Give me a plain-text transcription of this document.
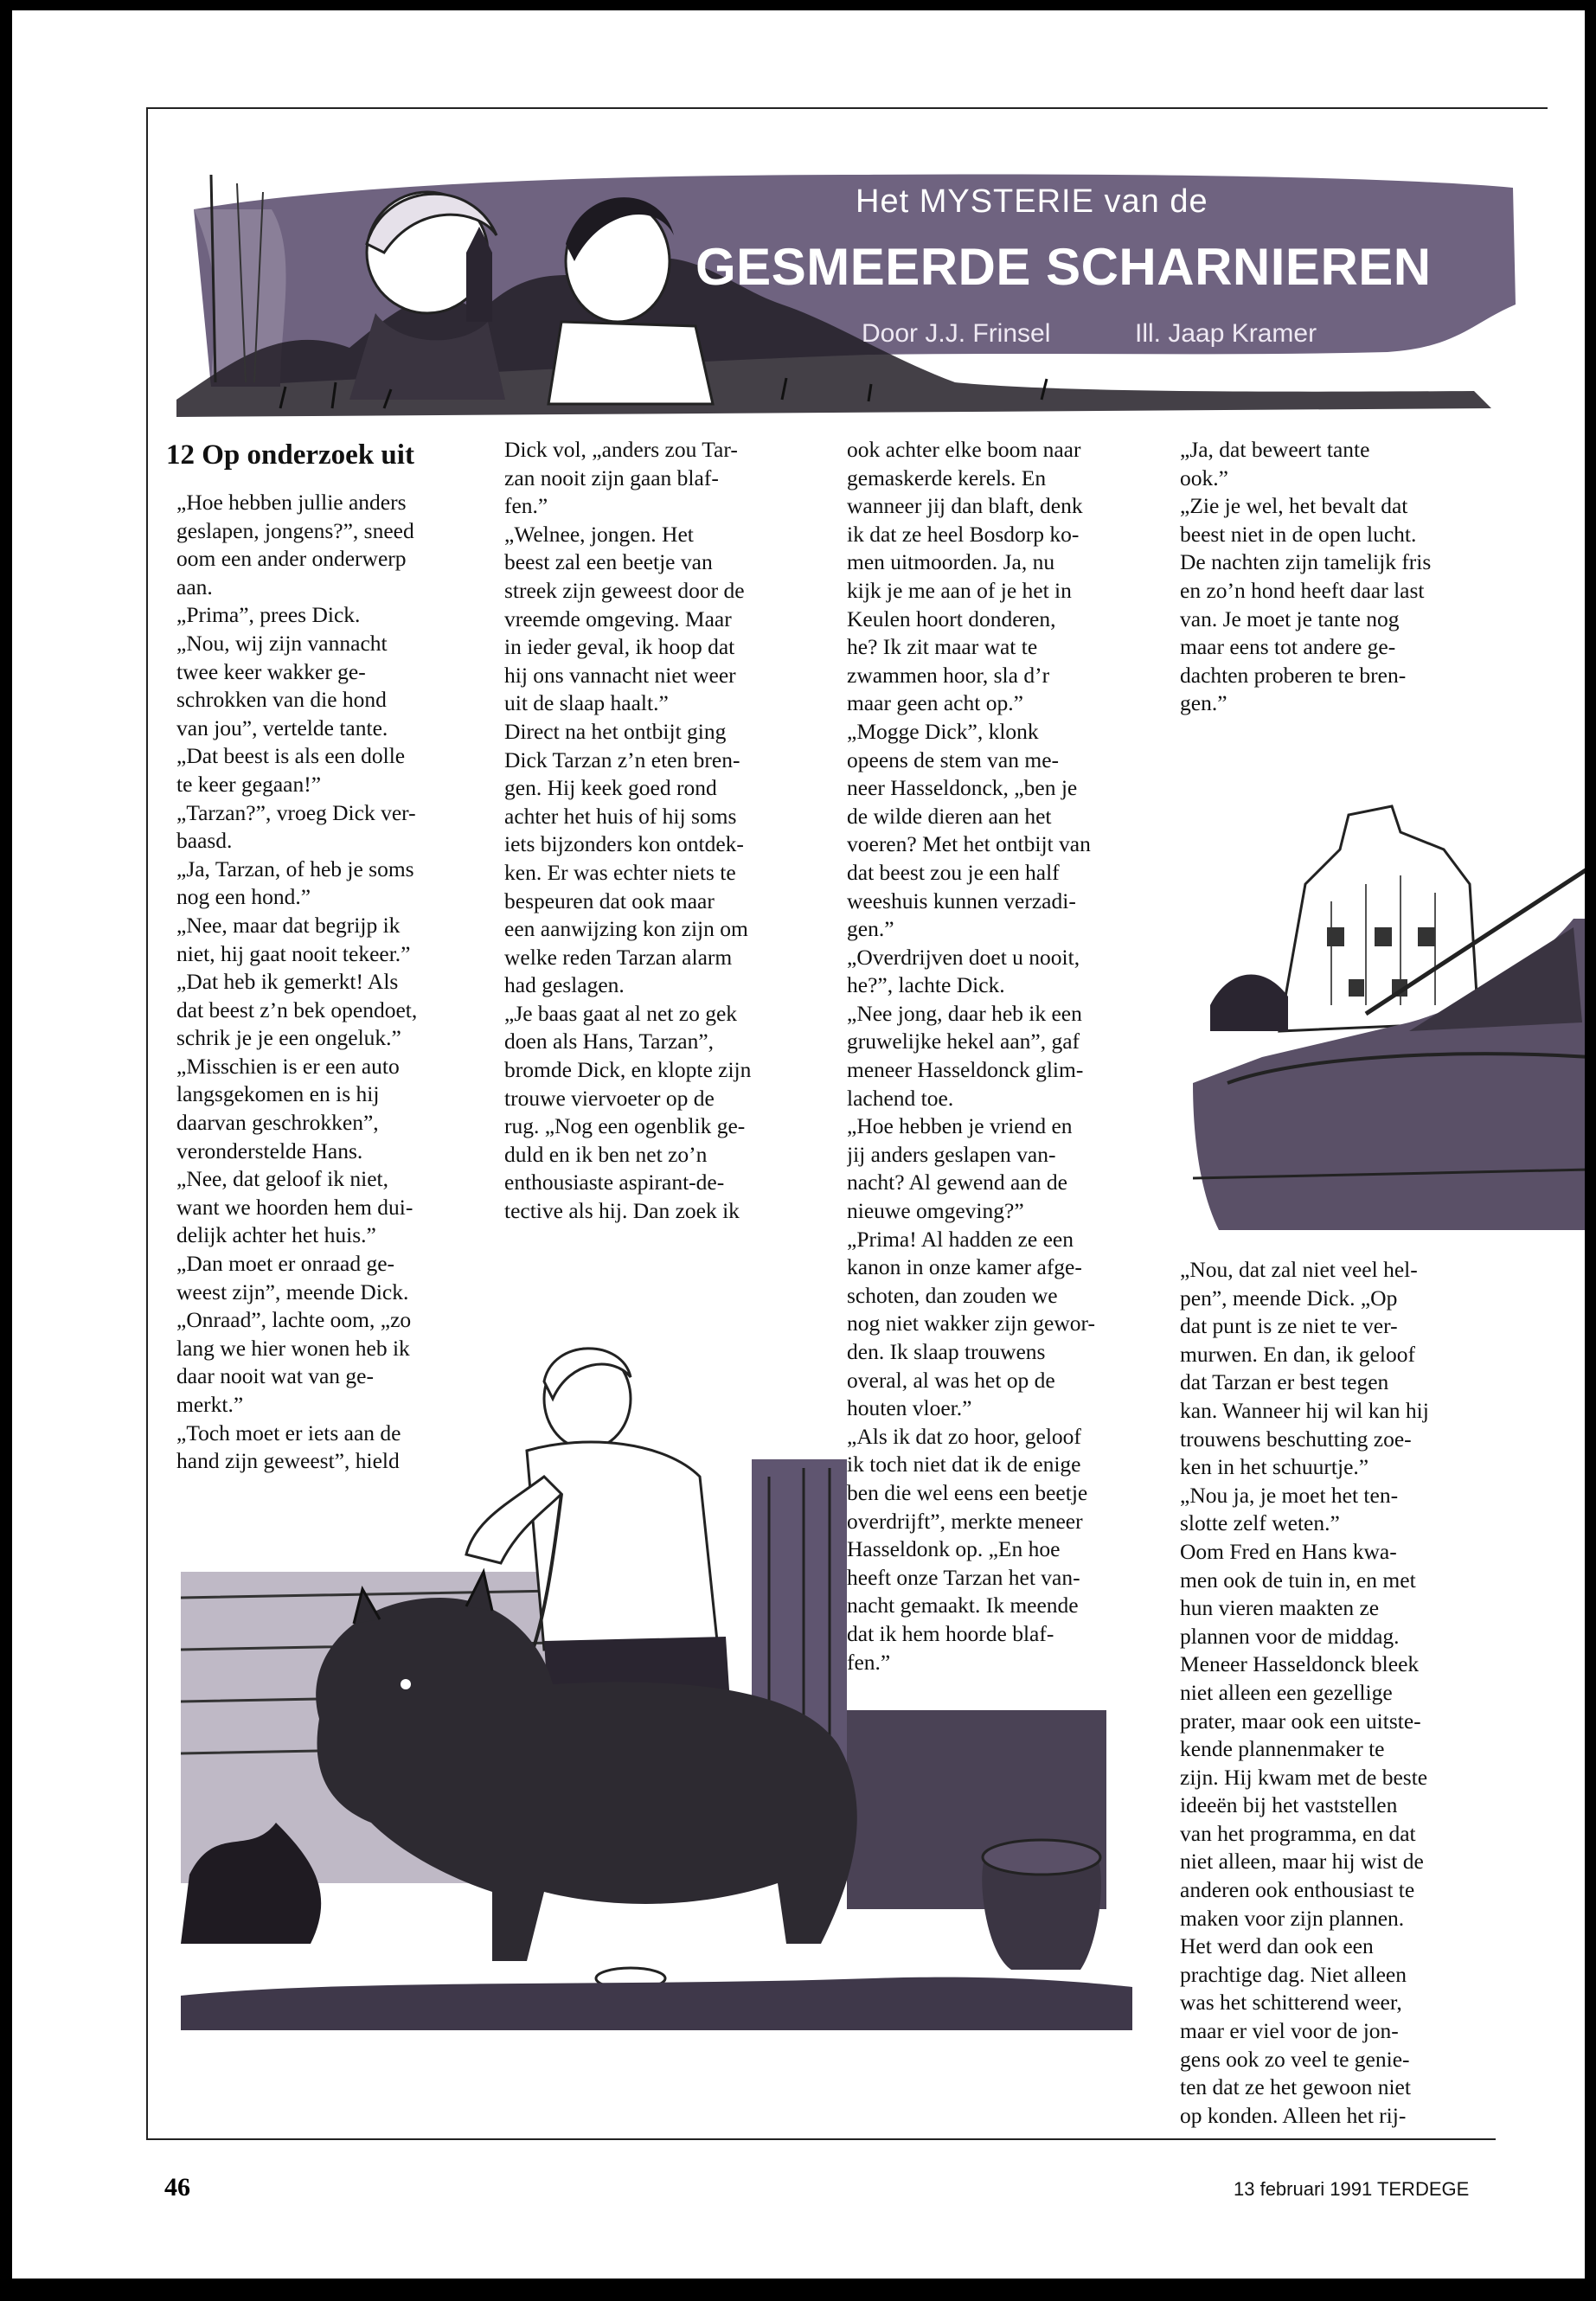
Het MYSTERIE van de
GESMEERDE SCHARNIEREN
Door J.J. Frinsel	Ill. Jaap Kramer
12 Op onderzoek uit
„Hoe hebben jullie anders
geslapen, jongens?”, sneed
oom een ander onderwerp
aan.
„Prima”, prees Dick.
„Nou, wij zijn vannacht
twee keer wakker ge-
schrokken van die hond
van jou”, vertelde tante.
„Dat beest is als een dolle
te keer gegaan!”
„Tarzan?”, vroeg Dick ver-
baasd.
„Ja, Tarzan, of heb je soms
nog een hond.”
„Nee, maar dat begrijp ik
niet, hij gaat nooit tekeer.”
„Dat heb ik gemerkt! Als
dat beest z’n bek opendoet,
schrik je je een ongeluk.”
„Misschien is er een auto
langsgekomen en is hij
daarvan geschrokken”,
veronderstelde Hans.
„Nee, dat geloof ik niet,
want we hoorden hem dui-
delijk achter het huis.”
„Dan moet er onraad ge-
weest zijn”, meende Dick.
„Onraad”, lachte oom, „zo
lang we hier wonen heb ik
daar nooit wat van ge-
merkt.”
„Toch moet er iets aan de
hand zijn geweest”, hield
Dick vol, „anders zou Tar-
zan nooit zijn gaan blaf-
fen.”
„Welnee, jongen. Het
beest zal een beetje van
streek zijn geweest door de
vreemde omgeving. Maar
in ieder geval, ik hoop dat
hij ons vannacht niet weer
uit de slaap haalt.”
Direct na het ontbijt ging
Dick Tarzan z’n eten bren-
gen. Hij keek goed rond
achter het huis of hij soms
iets bijzonders kon ontdek-
ken. Er was echter niets te
bespeuren dat ook maar
een aanwijzing kon zijn om
welke reden Tarzan alarm
had geslagen.
„Je baas gaat al net zo gek
doen als Hans, Tarzan”,
bromde Dick, en klopte zijn
trouwe viervoeter op de
rug. „Nog een ogenblik ge-
duld en ik ben net zo’n
enthousiaste aspirant-de-
tective als hij. Dan zoek ik
ook achter elke boom naar
gemaskerde kerels. En
wanneer jij dan blaft, denk
ik dat ze heel Bosdorp ko-
men uitmoorden. Ja, nu
kijk je me aan of je het in
Keulen hoort donderen,
he? Ik zit maar wat te
zwammen hoor, sla d’r
maar geen acht op.”
„Mogge Dick”, klonk
opeens de stem van me-
neer Hasseldonck, „ben je
de wilde dieren aan het
voeren? Met het ontbijt van
dat beest zou je een half
weeshuis kunnen verzadi-
gen.”
„Overdrijven doet u nooit,
he?”, lachte Dick.
„Nee jong, daar heb ik een
gruwelijke hekel aan”, gaf
meneer Hasseldonck glim-
lachend toe.
„Hoe hebben je vriend en
jij anders geslapen van-
nacht? Al gewend aan de
nieuwe omgeving?”
„Prima! Al hadden ze een
kanon in onze kamer afge-
schoten, dan zouden we
nog niet wakker zijn gewor-
den. Ik slaap trouwens
overal, al was het op de
houten vloer.”
„Als ik dat zo hoor, geloof
ik toch niet dat ik de enige
ben die wel eens een beetje
overdrijft”, merkte meneer
Hasseldonk op. „En hoe
heeft onze Tarzan het van-
nacht gemaakt. Ik meende
dat ik hem hoorde blaf-
fen.”
„Ja, dat beweert tante
ook.”
„Zie je wel, het bevalt dat
beest niet in de open lucht.
De nachten zijn tamelijk fris
en zo’n hond heeft daar last
van. Je moet je tante nog
maar eens tot andere ge-
dachten proberen te bren-
gen.”
„Nou, dat zal niet veel hel-
pen”, meende Dick. „Op
dat punt is ze niet te ver-
murwen. En dan, ik geloof
dat Tarzan er best tegen
kan. Wanneer hij wil kan hij
trouwens beschutting zoe-
ken in het schuurtje.”
„Nou ja, je moet het ten-
slotte zelf weten.”
Oom Fred en Hans kwa-
men ook de tuin in, en met
hun vieren maakten ze
plannen voor de middag.
Meneer Hasseldonck bleek
niet alleen een gezellige
prater, maar ook een uitste-
kende plannenmaker te
zijn. Hij kwam met de beste
ideeën bij het vaststellen
van het programma, en dat
niet alleen, maar hij wist de
anderen ook enthousiast te
maken voor zijn plannen.
Het werd dan ook een
prachtige dag. Niet alleen
was het schitterend weer,
maar er viel voor de jon-
gens ook zo veel te genie-
ten dat ze het gewoon niet
op konden. Alleen het rij-
46	13 februari 1991 TERDEGE
